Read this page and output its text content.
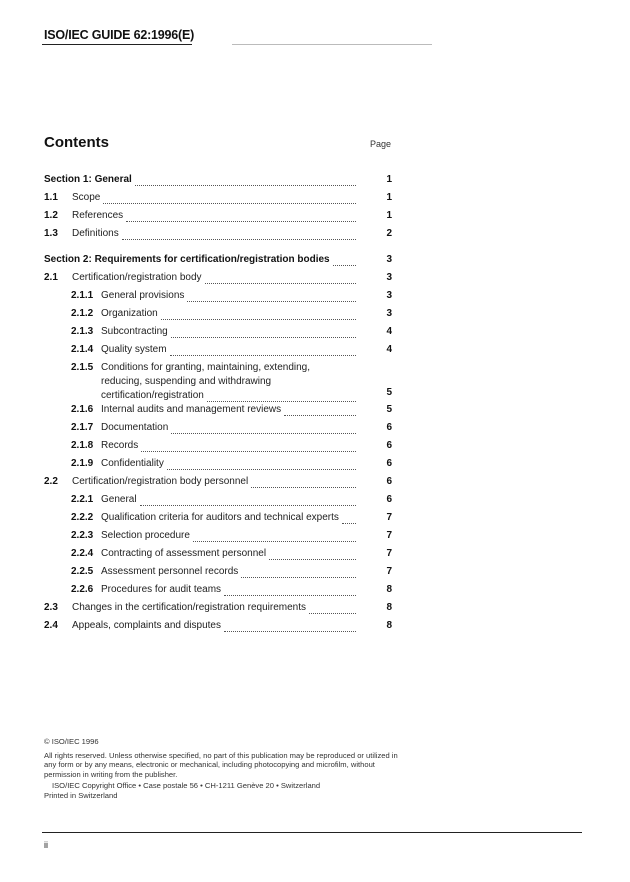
ISO/IEC GUIDE 62:1996(E)
Contents	Page
Section 1: General	1
1.1 Scope	1
1.2 References	1
1.3 Definitions	2
Section 2: Requirements for certification/registration bodies	3
2.1 Certification/registration body	3
2.1.1 General provisions	3
2.1.2 Organization	3
2.1.3 Subcontracting	4
2.1.4 Quality system	4
2.1.5 Conditions for granting, maintaining, extending,
reducing, suspending and withdrawing
certification/registration	5
2.1.6 Internal audits and management reviews	5
2.1.7 Documentation	6
2.1.8 Records	6
2.1.9 Confidentiality	6
2.2 Certification/registration body personnel	6
2.2.1 General	6
2.2.2 Qualification criteria for auditors and technical experts	7
2.2.3 Selection procedure	7
2.2.4 Contracting of assessment personnel	7
2.2.5 Assessment personnel records	7
2.2.6 Procedures for audit teams	8
2.3 Changes in the certification/registration requirements	8
2.4 Appeals, complaints and disputes	8

© ISO/IEC 1996

All rights reserved. Unless otherwise specified, no part of this publication may be reproduced or utilized in any form or by any means, electronic or mechanical, including photocopying and microfilm, without permission in writing from the publisher.

ISO/IEC Copyright Office • Case postale 56 • CH-1211 Genève 20 • Switzerland

Printed in Switzerland

ii
